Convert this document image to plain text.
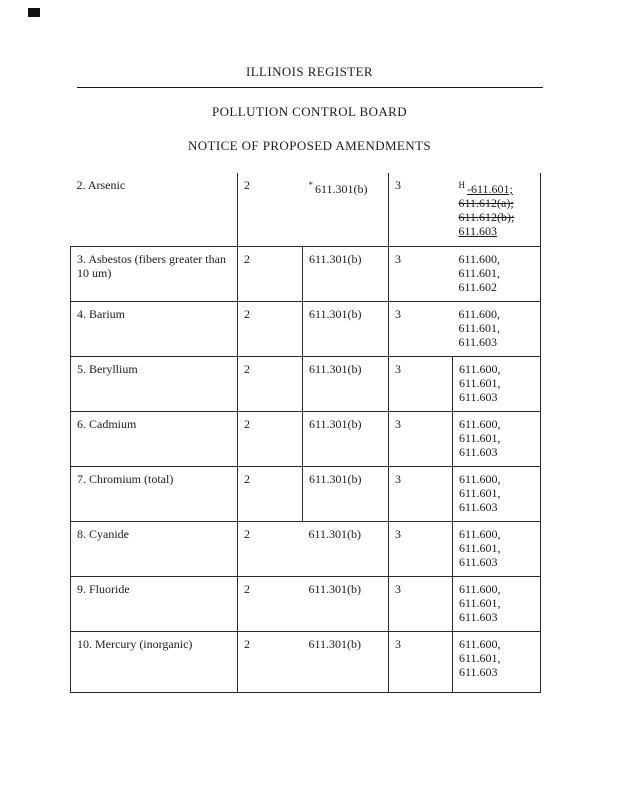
ILLINOIS REGISTER
POLLUTION CONTROL BOARD
NOTICE OF PROPOSED AMENDMENTS
2. Arsenic	2	* 611.301(b)	3	$^H$ -611.601;
611.612(a);
611.612(b);
611.603

3. Asbestos (fibers greater than 10 um)	2	611.301(b)	3	611.600,
611.601,
611.602

4. Barium	2	611.301(b)	3	611.600,
611.601,
611.603

5. Beryllium	2	611.301(b)	3	611.600,
611.601,
611.603

6. Cadmium	2	611.301(b)	3	611.600,
611.601,
611.603

7. Chromium (total)	2	611.301(b)	3	611.600,
611.601,
611.603

8. Cyanide	2	611.301(b)	3	611.600,
611.601,
611.603

9. Fluoride	2	611.301(b)	3	611.600,
611.601,
611.603

10. Mercury (inorganic)	2	611.301(b)	3	611.600,
611.601,
611.603
